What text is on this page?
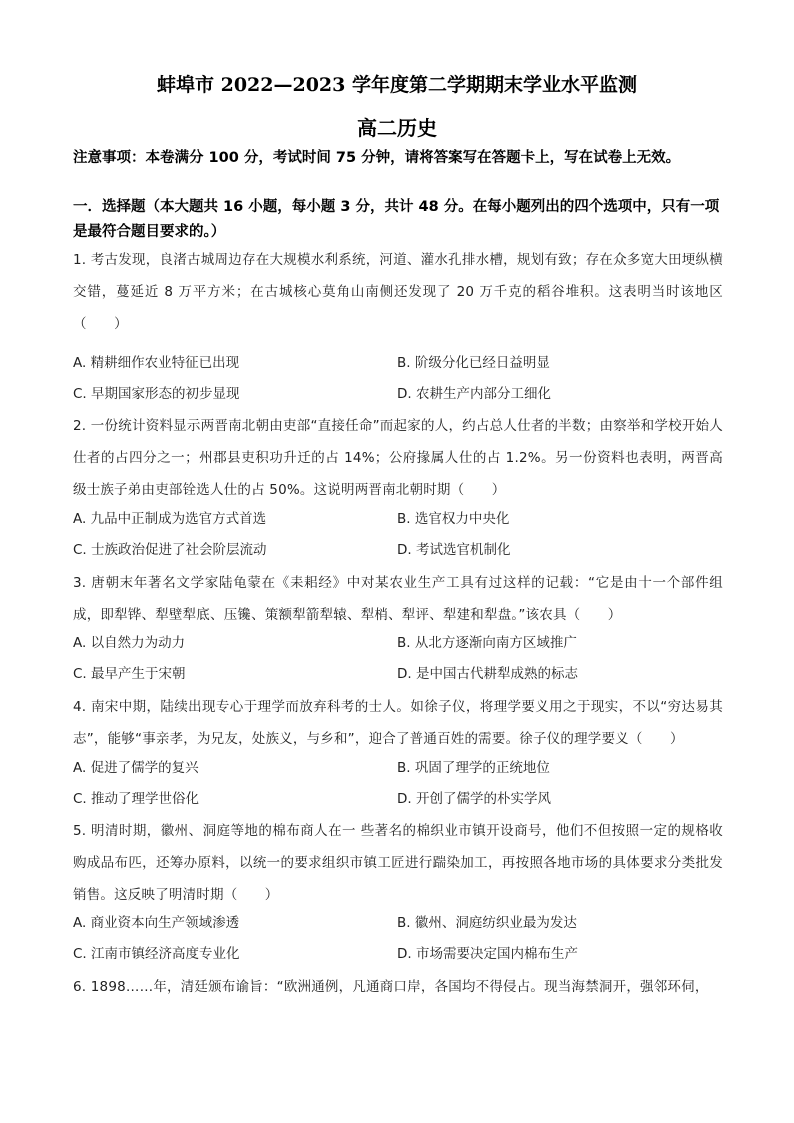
蚌埠市 2022—2023 学年度第二学期期末学业水平监测
高二历史
注意事项：本卷满分 100 分，考试时间 75 分钟，请将答案写在答题卡上，写在试卷上无效。
一．选择题（本大题共 16 小题，每小题 3 分，共计 48 分。在每小题列出的四个选项中，只有一项是最符合题目要求的。）
1. 考古发现，良渚古城周边存在大规模水利系统，河道、灌水孔排水槽，规划有致；存在众多宽大田埂纵横交错，蔓延近 8 万平方米；在古城核心莫角山南侧还发现了 20 万千克的稻谷堆积。这表明当时该地区（　　）
A. 精耕细作农业特征已出现	B. 阶级分化已经日益明显
C. 早期国家形态的初步显现	D. 农耕生产内部分工细化
2. 一份统计资料显示两晋南北朝由吏部“直接任命”而起家的人，约占总人仕者的半数；由察举和学校开始人仕者的占四分之一；州郡县吏积功升迁的占 14%；公府掾属人仕的占 1.2%。另一份资料也表明，两晋高级士族子弟由吏部铨选人仕的占 50%。这说明两晋南北朝时期（　　）
A. 九品中正制成为选官方式首选	B. 选官权力中央化
C. 士族政治促进了社会阶层流动	D. 考试选官机制化
3. 唐朝末年著名文学家陆龟蒙在《耒耜经》中对某农业生产工具有过这样的记载：“它是由十一个部件组成，即犁铧、犁壁犁底、压镵、策额犁箭犁辕、犁梢、犁评、犁建和犁盘。”该农具（　　）
A. 以自然力为动力	B. 从北方逐渐向南方区域推广
C. 最早产生于宋朝	D. 是中国古代耕犁成熟的标志
4. 南宋中期，陆续出现专心于理学而放弃科考的士人。如徐子仪，将理学要义用之于现实，不以“穷达易其志”，能够“事亲孝，为兄友，处族义，与乡和”，迎合了普通百姓的需要。徐子仪的理学要义（　　）
A. 促进了儒学的复兴	B. 巩固了理学的正统地位
C. 推动了理学世俗化	D. 开创了儒学的朴实学风
5. 明清时期，徽州、洞庭等地的棉布商人在一 些著名的棉织业市镇开设商号，他们不但按照一定的规格收购成品布匹，还筹办原料，以统一的要求组织市镇工匠进行踹染加工，再按照各地市场的具体要求分类批发销售。这反映了明清时期（　　）
A. 商业资本向生产领域渗透	B. 徽州、洞庭纺织业最为发达
C. 江南市镇经济高度专业化	D. 市场需要决定国内棉布生产
6. 1898……年，清廷颁布谕旨：“欧洲通例，凡通商口岸，各国均不得侵占。现当海禁洞开，强邻环伺，
